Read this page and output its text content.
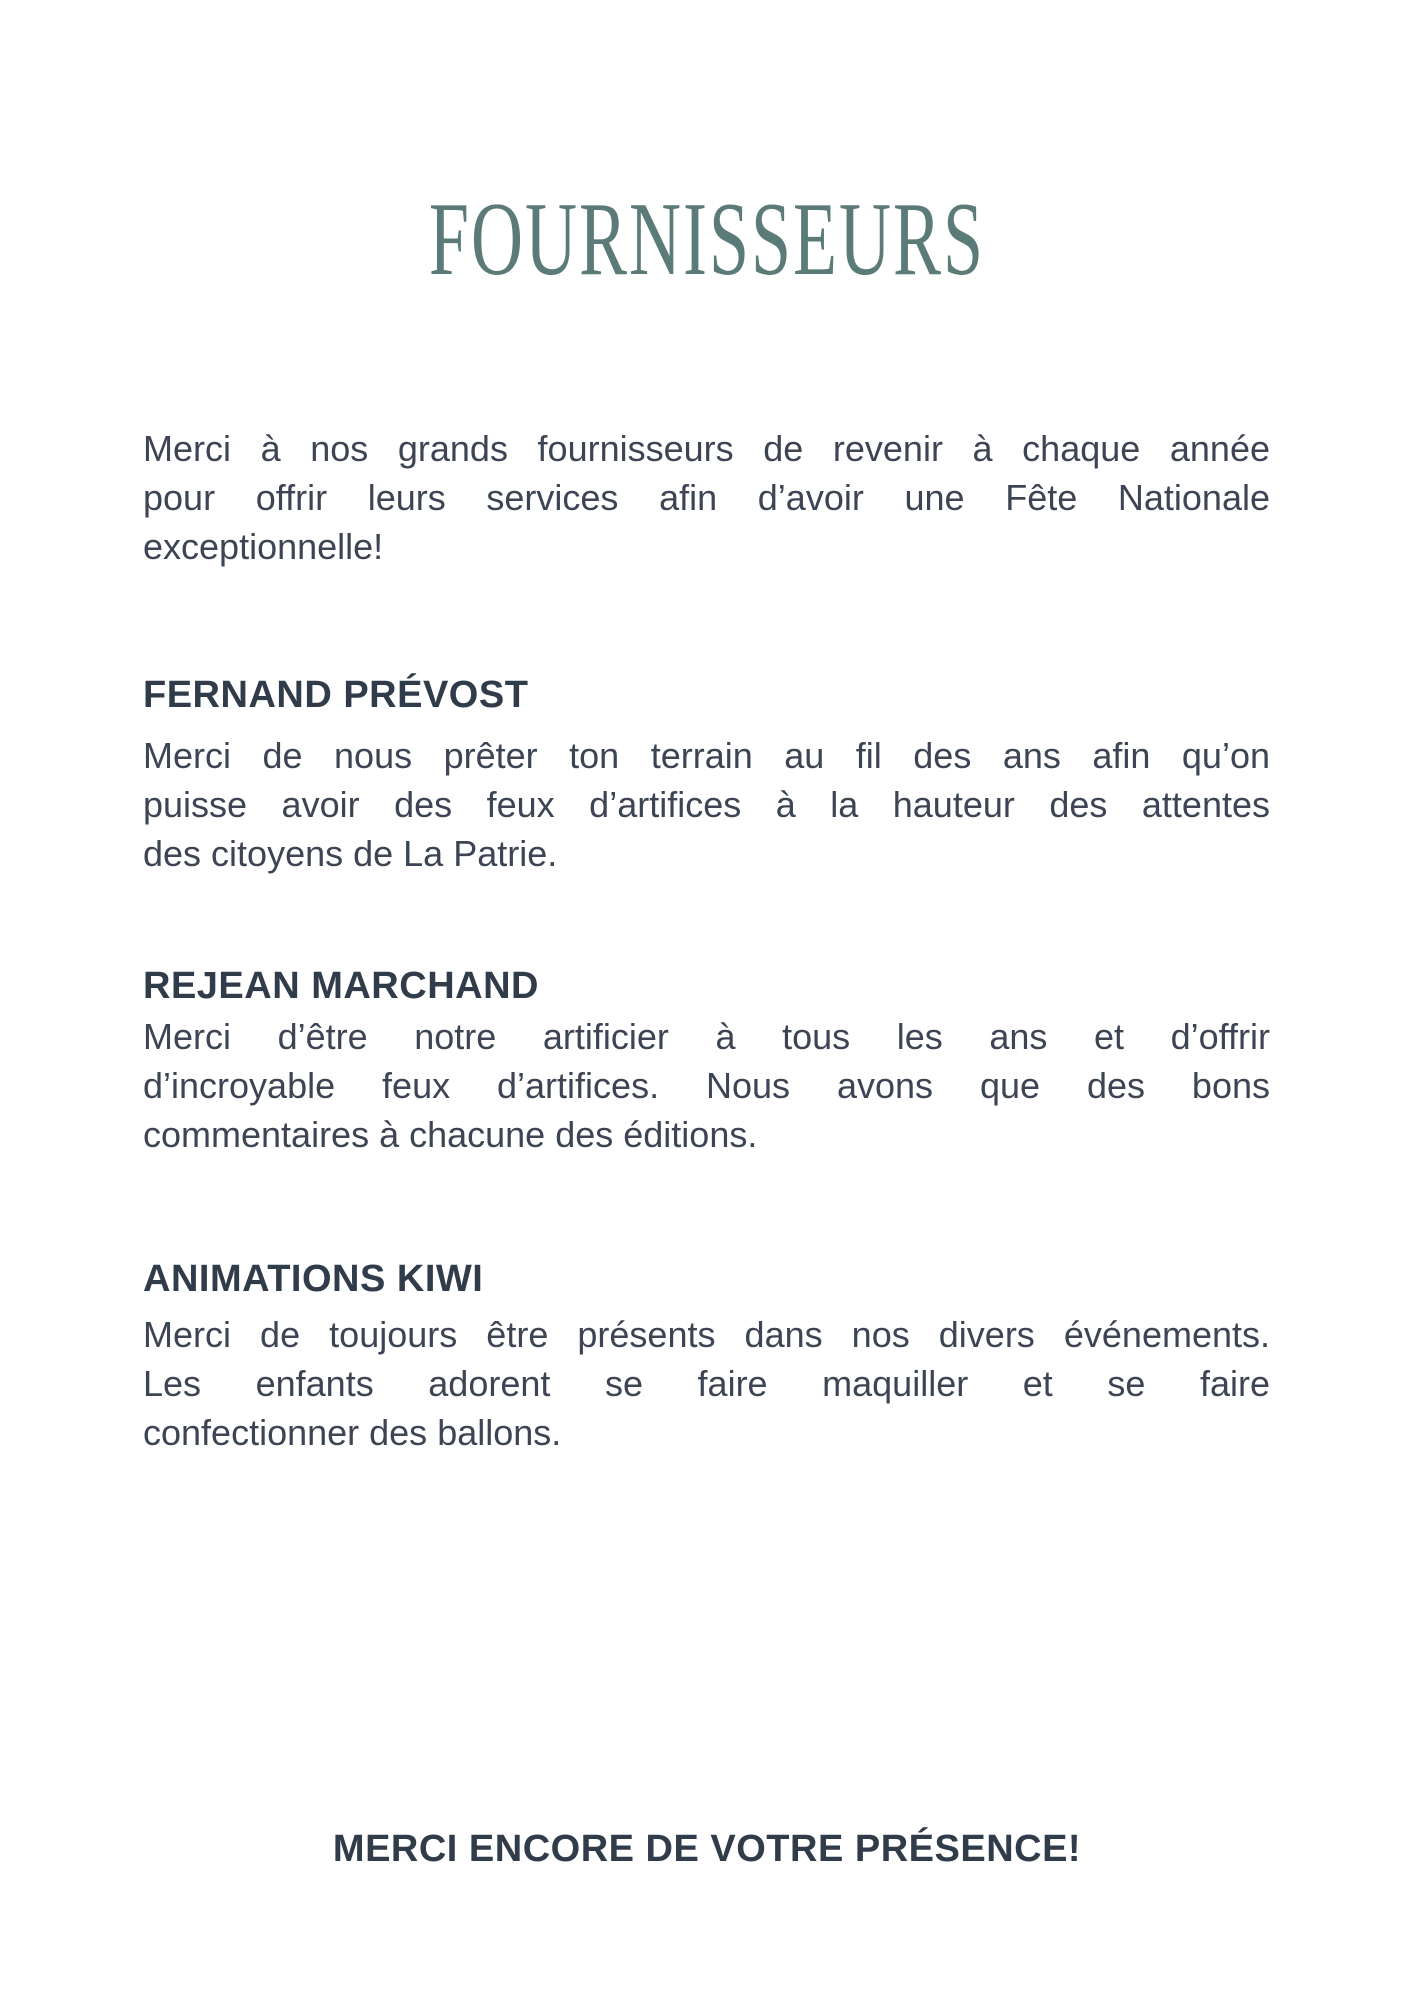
FOURNISSEURS

Merci à nos grands fournisseurs de revenir à chaque année
pour offrir leurs services afin d’avoir une Fête Nationale
exceptionnelle!

FERNAND PRÉVOST

Merci de nous prêter ton terrain au fil des ans afin qu’on
puisse avoir des feux d’artifices à la hauteur des attentes
des citoyens de La Patrie.

REJEAN MARCHAND

Merci d’être notre artificier à tous les ans et d’offrir
d’incroyable feux d’artifices. Nous avons que des bons
commentaires à chacune des éditions.

ANIMATIONS KIWI

Merci de toujours être présents dans nos divers événements.
Les enfants adorent se faire maquiller et se faire
confectionner des ballons.

MERCI ENCORE DE VOTRE PRÉSENCE!
